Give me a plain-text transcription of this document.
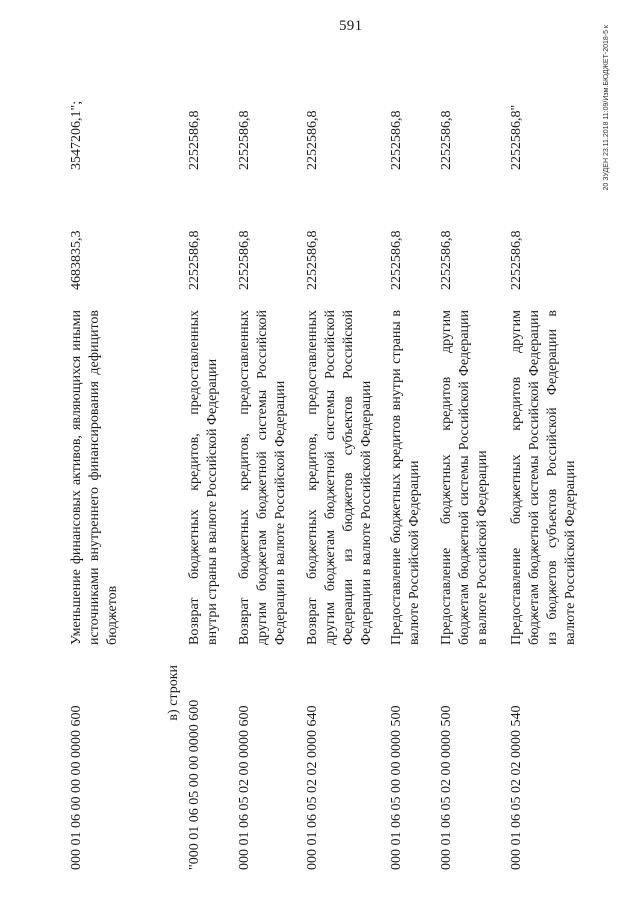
591
000 01 06 00 00 00 0000 600
Уменьшение финансовых активов, являющихся иными источниками внутреннего финансирования дефицитов бюджетов
4683835,3
3547206,1";
в) строки
"000 01 06 05 00 00 0000 600
Возврат бюджетных кредитов, предоставленных внутри страны в валюте Российской Федерации
2252586,8
2252586,8
000 01 06 05 02 00 0000 600
Возврат бюджетных кредитов, предоставленных другим бюджетам бюджетной системы Российской Федерации в валюте Российской Федерации
2252586,8
2252586,8
000 01 06 05 02 02 0000 640
Возврат бюджетных кредитов, предоставленных другим бюджетам бюджетной системы Российской Федерации из бюджетов субъектов Российской Федерации в валюте Российской Федерации
2252586,8
2252586,8
000 01 06 05 00 00 0000 500
Предоставление бюджетных кредитов внутри страны в валюте Российской Федерации
2252586,8
2252586,8
000 01 06 05 02 00 0000 500
Предоставление бюджетных кредитов другим бюджетам бюджетной системы Российской Федерации в валюте Российской Федерации
2252586,8
2252586,8
000 01 06 05 02 02 0000 540
Предоставление бюджетных кредитов другим бюджетам бюджетной системы Российской Федерации из бюджетов субъектов Российской Федерации в валюте Российской Федерации
2252586,8
2252586,8"	20 ЗУДЕН 23.11.2018 11:09/Изм.БЮДЖЕТ-2018-5 к
